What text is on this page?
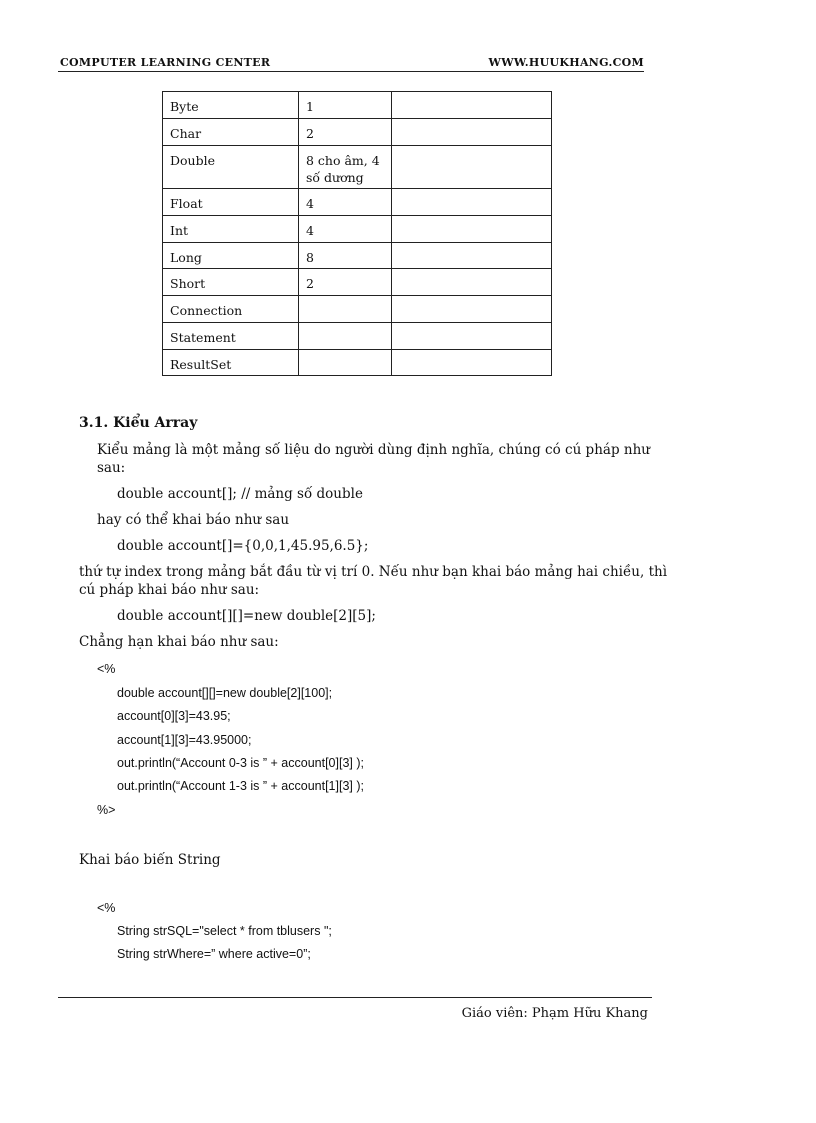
COMPUTER LEARNING CENTER	WWW.HUUKHANG.COM
Byte	1	
Char	2	
Double	8 cho âm, 4
số dương	
Float	4	
Int	4	
Long	8	
Short	2	
Connection		
Statement		
ResultSet		
3.1. Kiểu Array
Kiểu mảng là một mảng số liệu do người dùng định nghĩa, chúng có cú pháp như
sau:
double account[]; // mảng số double
hay có thể khai báo như sau
double account[]={0,0,1,45.95,6.5};
thứ tự index trong mảng bắt đầu từ vị trí 0. Nếu như bạn khai báo mảng hai chiều, thì
cú pháp khai báo như sau:
double account[][]=new double[2][5];
Chẳng hạn khai báo như sau:
<%
double account[][]=new double[2][100];
account[0][3]=43.95;
account[1][3]=43.95000;
out.println(“Account 0-3 is ” + account[0][3] );
out.println(“Account 1-3 is ” + account[1][3] );
%>
Khai báo biến String
<%
String strSQL="select * from tblusers ";
String strWhere=” where active=0”;
Giáo viên: Phạm Hữu Khang
